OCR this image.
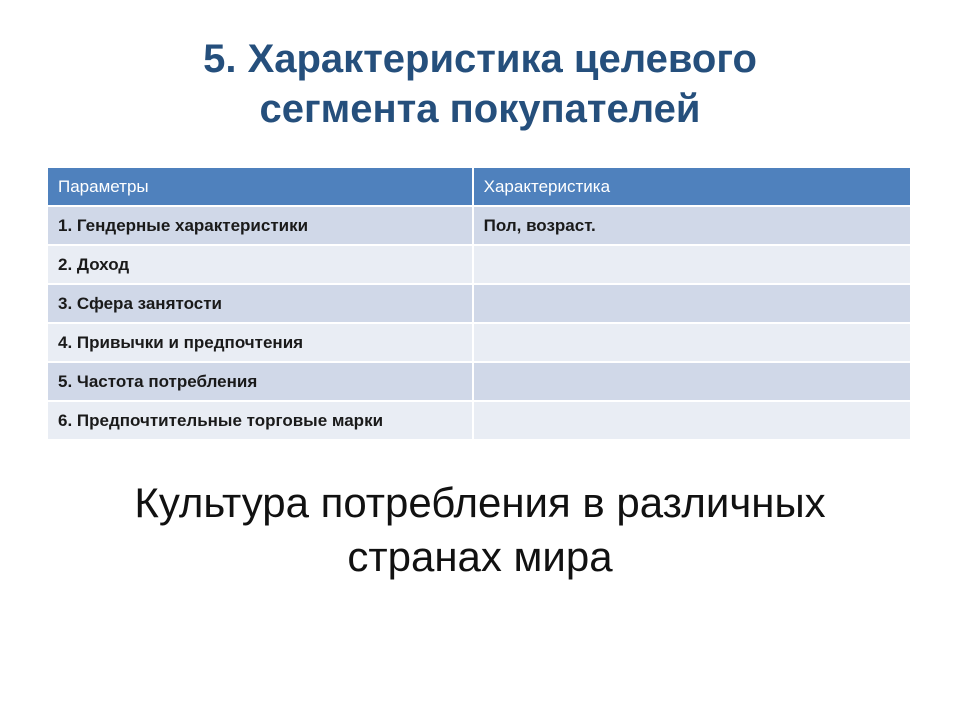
5. Характеристика целевого
сегмента покупателей
Параметры	Характеристика
1. Гендерные характеристики	Пол, возраст.
2. Доход	
3. Сфера занятости	
4. Привычки и предпочтения	
5. Частота потребления	
6. Предпочтительные торговые марки	
Культура потребления в различных
странах мира
